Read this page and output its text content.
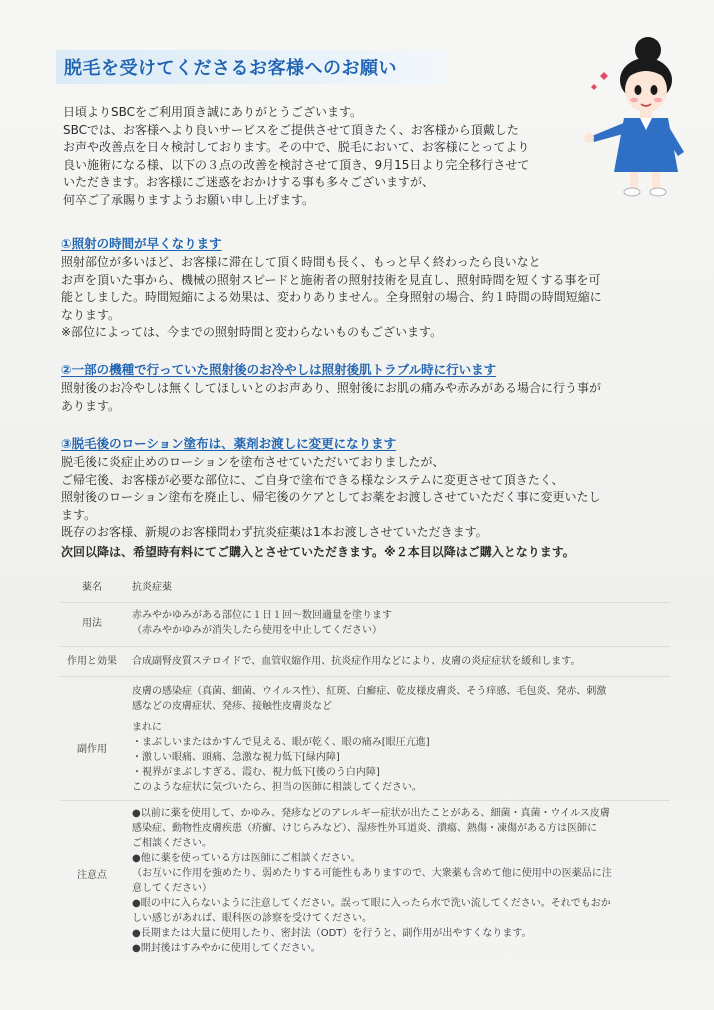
脱毛を受けてくださるお客様へのお願い

日頃よりSBCをご利用頂き誠にありがとうございます。

SBCでは、お客様へより良いサービスをご提供させて頂きたく、お客様から頂戴した

お声や改善点を日々検討しております。その中で、脱毛において、お客様にとってより

良い施術になる様、以下の３点の改善を検討させて頂き、9月15日より完全移行させて

いただきます。お客様にご迷惑をおかけする事も多々ございますが、

何卒ご了承賜りますようお願い申し上げます。

①照射の時間が早くなります

照射部位が多いほど、お客様に滞在して頂く時間も長く、もっと早く終わったら良いなと

お声を頂いた事から、機械の照射スピードと施術者の照射技術を見直し、照射時間を短くする事を可

能としました。時間短縮による効果は、変わりありません。全身照射の場合、約１時間の時間短縮に

なります。

※部位によっては、今までの照射時間と変わらないものもございます。

②一部の機種で行っていた照射後のお冷やしは照射後肌トラブル時に行います

照射後のお冷やしは無くしてほしいとのお声あり、照射後にお肌の痛みや赤みがある場合に行う事が

あります。

③脱毛後のローション塗布は、薬剤お渡しに変更になります

脱毛後に炎症止めのローションを塗布させていただいておりましたが、

ご帰宅後、お客様が必要な部位に、ご自身で塗布できる様なシステムに変更させて頂きたく、

照射後のローション塗布を廃止し、帰宅後のケアとしてお薬をお渡しさせていただく事に変更いたし

ます。

既存のお客様、新規のお客様問わず抗炎症薬は1本お渡しさせていただきます。

次回以降は、希望時有料にてご購入とさせていただきます。※２本目以降はご購入となります。

薬名	抗炎症薬
用法
赤みやかゆみがある部位に１日１回～数回適量を塗ります
（赤みやかゆみが消失したら使用を中止してください）
作用と効果	合成副腎皮質ステロイドで、血管収縮作用、抗炎症作用などにより、皮膚の炎症症状を緩和します。
皮膚の感染症（真菌、細菌、ウイルス性）、紅斑、白癬症、乾皮様皮膚炎、そう痒感、毛包炎、発赤、刺激
感などの皮膚症状、発疹、接触性皮膚炎など
副作用
まれに
・まぶしいまたはかすんで見える、眼が乾く、眼の痛み[眼圧亢進]
・激しい眼痛、頭痛、急激な視力低下[緑内障]
・視界がまぶしすぎる、霞む、視力低下[後のう白内障]
このような症状に気づいたら、担当の医師に相談してください。
注意点
●以前に薬を使用して、かゆみ、発疹などのアレルギー症状が出たことがある、細菌・真菌・ウイルス皮膚
感染症、動物性皮膚疾患（疥癬、けじらみなど）、湿疹性外耳道炎、潰瘍、熱傷・凍傷がある方は医師に
ご相談ください。
●他に薬を使っている方は医師にご相談ください。
（お互いに作用を強めたり、弱めたりする可能性もありますので、大衆薬も含めて他に使用中の医薬品に注
意してください）
●眼の中に入らないように注意してください。誤って眼に入ったら水で洗い流してください。それでもおか
しい感じがあれば、眼科医の診察を受けてください。
●長期または大量に使用したり、密封法（ODT）を行うと、副作用が出やすくなります。
●開封後はすみやかに使用してください。
